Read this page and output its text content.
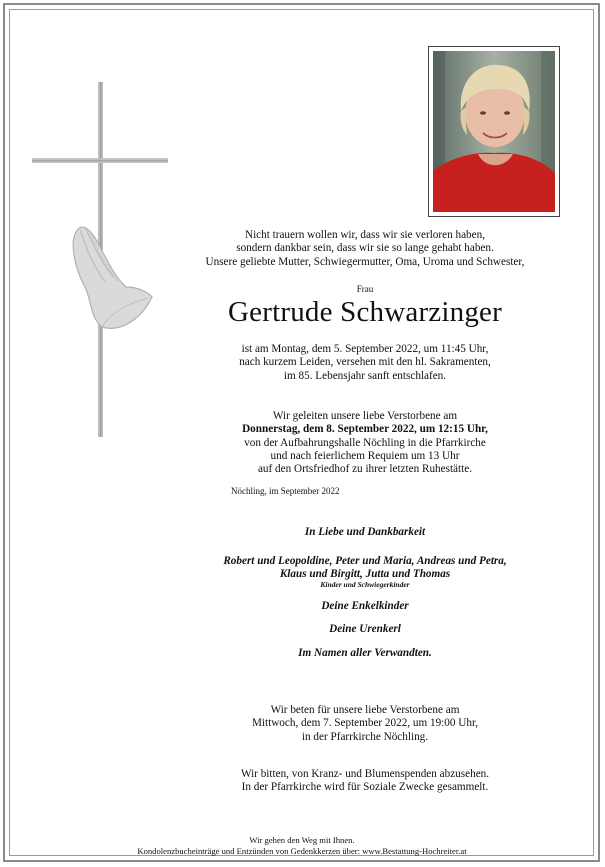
Nicht trauern wollen wir, dass wir sie verloren haben,
sondern dankbar sein, dass wir sie so lange gehabt haben.
Unsere geliebte Mutter, Schwiegermutter, Oma, Uroma und Schwester,
Frau
Gertrude Schwarzinger
ist am Montag, dem 5. September 2022, um 11:45 Uhr,
nach kurzem Leiden, versehen mit den hl. Sakramenten,
im 85. Lebensjahr sanft entschlafen.
Wir geleiten unsere liebe Verstorbene am
Donnerstag, dem 8. September 2022, um 12:15 Uhr,
von der Aufbahrungshalle Nöchling in die Pfarrkirche
und nach feierlichem Requiem um 13 Uhr
auf den Ortsfriedhof zu ihrer letzten Ruhestätte.
Nöchling, im September 2022
In Liebe und Dankbarkeit
Robert und Leopoldine, Peter und Maria, Andreas und Petra,
Klaus und Birgitt, Jutta und Thomas
Kinder und Schwiegerkinder
Deine Enkelkinder
Deine Urenkerl
Im Namen aller Verwandten.
Wir beten für unsere liebe Verstorbene am
Mittwoch, dem 7. September 2022, um 19:00 Uhr,
in der Pfarrkirche Nöchling.
Wir bitten, von Kranz- und Blumenspenden abzusehen.
In der Pfarrkirche wird für Soziale Zwecke gesammelt.
Wir gehen den Weg mit Ihnen.
Kondolenzbucheinträge und Entzünden von Gedenkkerzen über: www.Bestattung-Hochreiter.at
